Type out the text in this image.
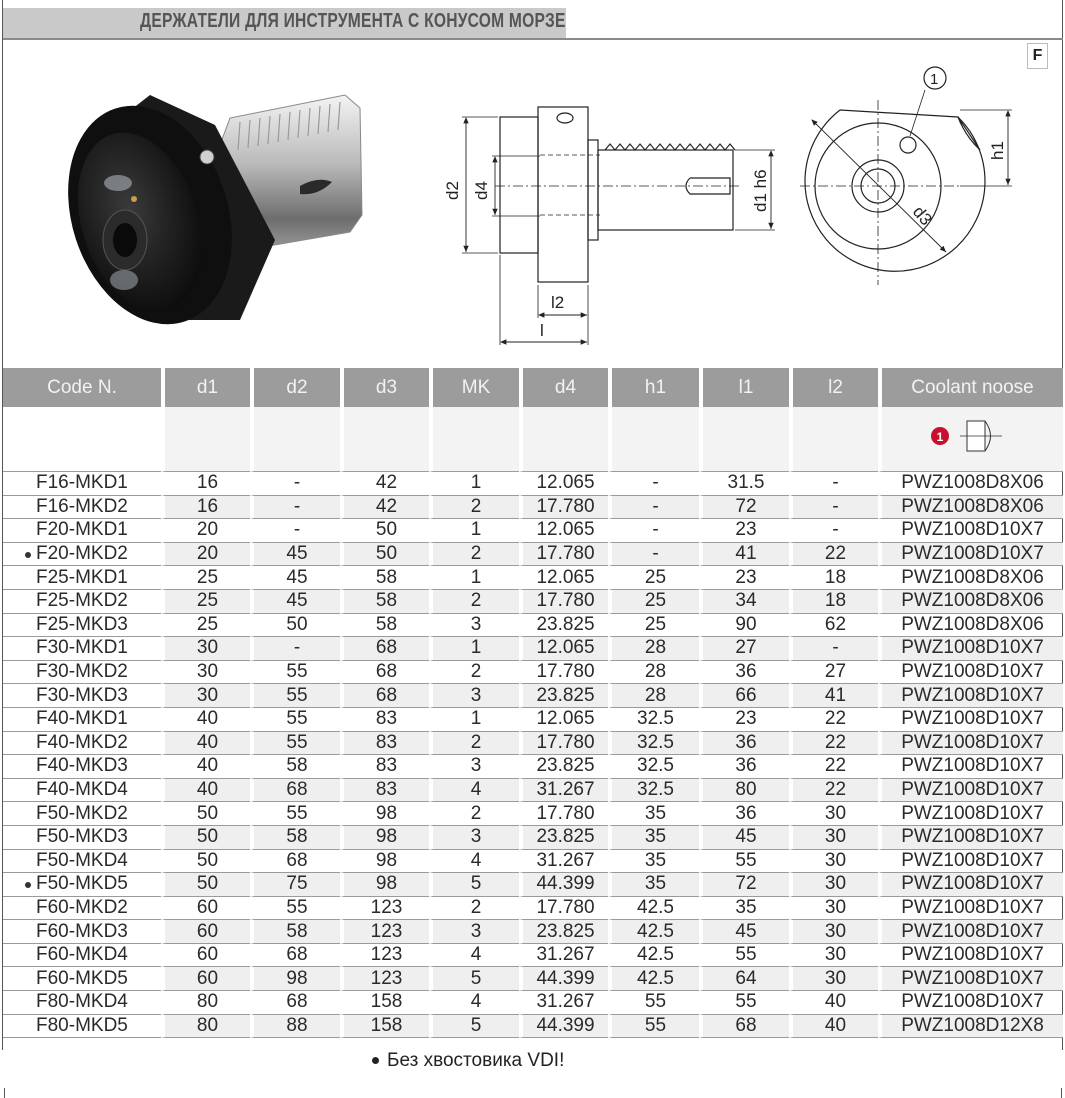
ДЕРЖАТЕЛИ ДЛЯ ИНСТРУМЕНТА С КОНУСОМ МОРЗЕ
F
d2 d4	d1 h6
l2
l
h1
d3
1
Code N.	d1	d2	d3	MK	d4	h1	l1	l2	Coolant noose

1

F16-MKD1	16	-	42	1	12.065	-	31.5	-	PWZ1008D8X06
F16-MKD2	16	-	42	2	17.780	-	72	-	PWZ1008D8X06
F20-MKD1	20	-	50	1	12.065	-	23	-	PWZ1008D10X7

F20-MKD2	20	45	50	2	17.780	-	41	22	PWZ1008D10X7
F25-MKD1	25	45	58	1	12.065	25	23	18	PWZ1008D8X06
F25-MKD2	25	45	58	2	17.780	25	34	18	PWZ1008D8X06
F25-MKD3	25	50	58	3	23.825	25	90	62	PWZ1008D8X06
F30-MKD1	30	-	68	1	12.065	28	27	-	PWZ1008D10X7
F30-MKD2	30	55	68	2	17.780	28	36	27	PWZ1008D10X7
F30-MKD3	30	55	68	3	23.825	28	66	41	PWZ1008D10X7
F40-MKD1	40	55	83	1	12.065	32.5	23	22	PWZ1008D10X7
F40-MKD2	40	55	83	2	17.780	32.5	36	22	PWZ1008D10X7
F40-MKD3	40	58	83	3	23.825	32.5	36	22	PWZ1008D10X7
F40-MKD4	40	68	83	4	31.267	32.5	80	22	PWZ1008D10X7
F50-MKD2	50	55	98	2	17.780	35	36	30	PWZ1008D10X7
F50-MKD3	50	58	98	3	23.825	35	45	30	PWZ1008D10X7
F50-MKD4	50	68	98	4	31.267	35	55	30	PWZ1008D10X7

F50-MKD5	50	75	98	5	44.399	35	72	30	PWZ1008D10X7
F60-MKD2	60	55	123	2	17.780	42.5	35	30	PWZ1008D10X7
F60-MKD3	60	58	123	3	23.825	42.5	45	30	PWZ1008D10X7
F60-MKD4	60	68	123	4	31.267	42.5	55	30	PWZ1008D10X7
F60-MKD5	60	98	123	5	44.399	42.5	64	30	PWZ1008D10X7
F80-MKD4	80	68	158	4	31.267	55	55	40	PWZ1008D10X7
F80-MKD5	80	88	158	5	44.399	55	68	40	PWZ1008D12X8
Без хвостовика VDI!
